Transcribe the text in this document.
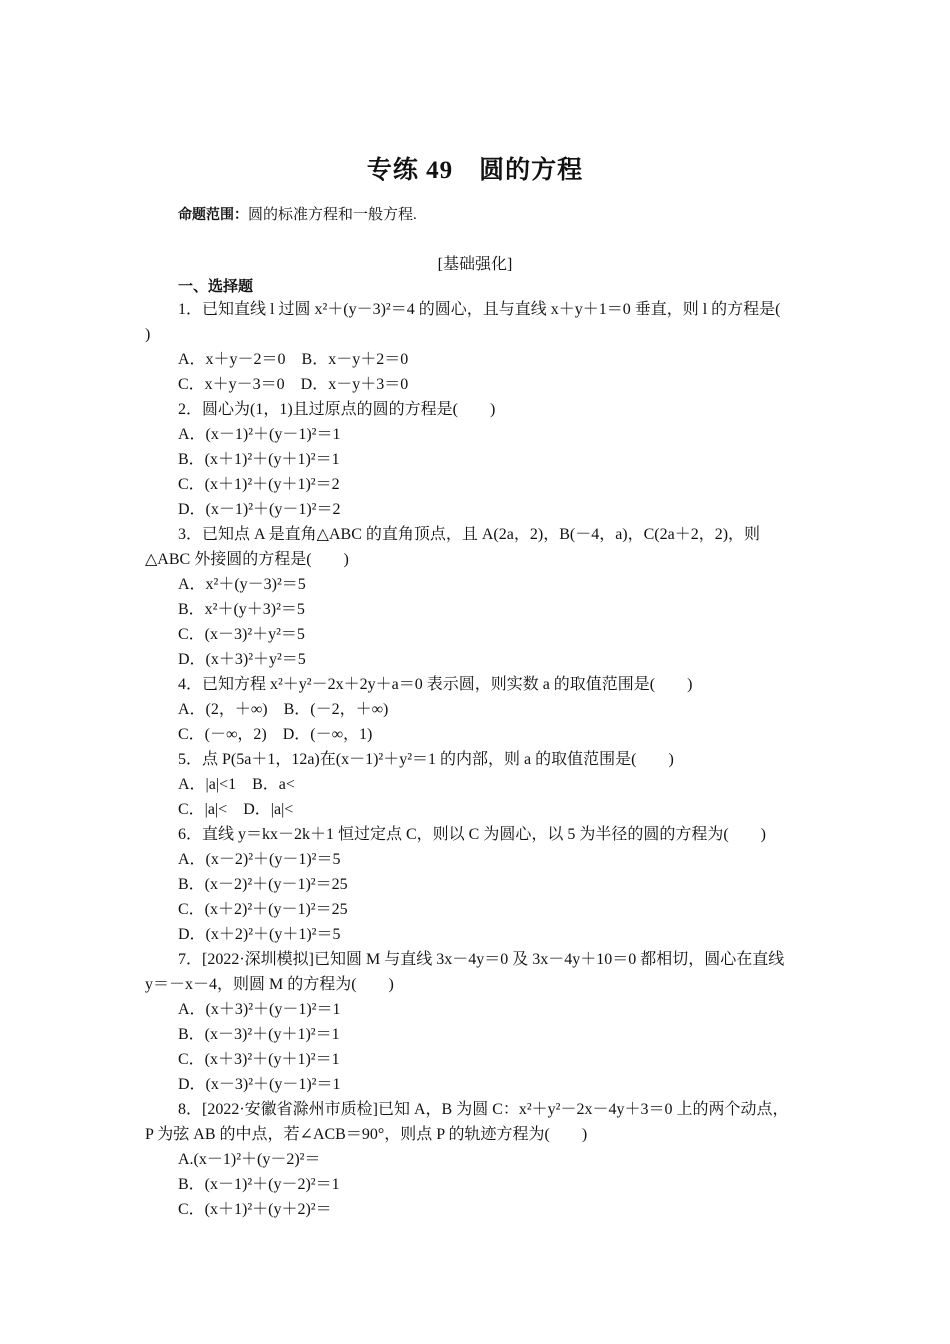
专练 49　圆的方程
命题范围：圆的标准方程和一般方程.
[基础强化]
一、选择题
1．已知直线 l 过圆 x²＋(y－3)²＝4 的圆心，且与直线 x＋y＋1＝0 垂直，则 l 的方程是(
)
A．x＋y－2＝0　B．x－y＋2＝0
C．x＋y－3＝0　D．x－y＋3＝0
2．圆心为(1，1)且过原点的圆的方程是(　　)
A．(x－1)²＋(y－1)²＝1
B．(x＋1)²＋(y＋1)²＝1
C．(x＋1)²＋(y＋1)²＝2
D．(x－1)²＋(y－1)²＝2
3．已知点 A 是直角△ABC 的直角顶点，且 A(2a，2)，B(－4，a)，C(2a＋2，2)，则
△ABC 外接圆的方程是(　　)
A．x²＋(y－3)²＝5
B．x²＋(y＋3)²＝5
C．(x－3)²＋y²＝5
D．(x＋3)²＋y²＝5
4．已知方程 x²＋y²－2x＋2y＋a＝0 表示圆，则实数 a 的取值范围是(　　)
A．(2，＋∞)　B．(－2，＋∞)
C．(－∞，2)　D．(－∞，1)
5．点 P(5a＋1，12a)在(x－1)²＋y²＝1 的内部，则 a 的取值范围是(　　)
A．|a|<1　B．a<
C．|a|<　D．|a|<
6．直线 y＝kx－2k＋1 恒过定点 C，则以 C 为圆心，以 5 为半径的圆的方程为(　　)
A．(x－2)²＋(y－1)²＝5
B．(x－2)²＋(y－1)²＝25
C．(x＋2)²＋(y－1)²＝25
D．(x＋2)²＋(y＋1)²＝5
7．[2022·深圳模拟]已知圆 M 与直线 3x－4y＝0 及 3x－4y＋10＝0 都相切，圆心在直线
y＝－x－4，则圆 M 的方程为(　　)
A．(x＋3)²＋(y－1)²＝1
B．(x－3)²＋(y＋1)²＝1
C．(x＋3)²＋(y＋1)²＝1
D．(x－3)²＋(y－1)²＝1
8．[2022·安徽省滁州市质检]已知 A，B 为圆 C：x²＋y²－2x－4y＋3＝0 上的两个动点，
P 为弦 AB 的中点，若∠ACB＝90°，则点 P 的轨迹方程为(　　)
A.(x－1)²＋(y－2)²＝
B．(x－1)²＋(y－2)²＝1
C．(x＋1)²＋(y＋2)²＝
